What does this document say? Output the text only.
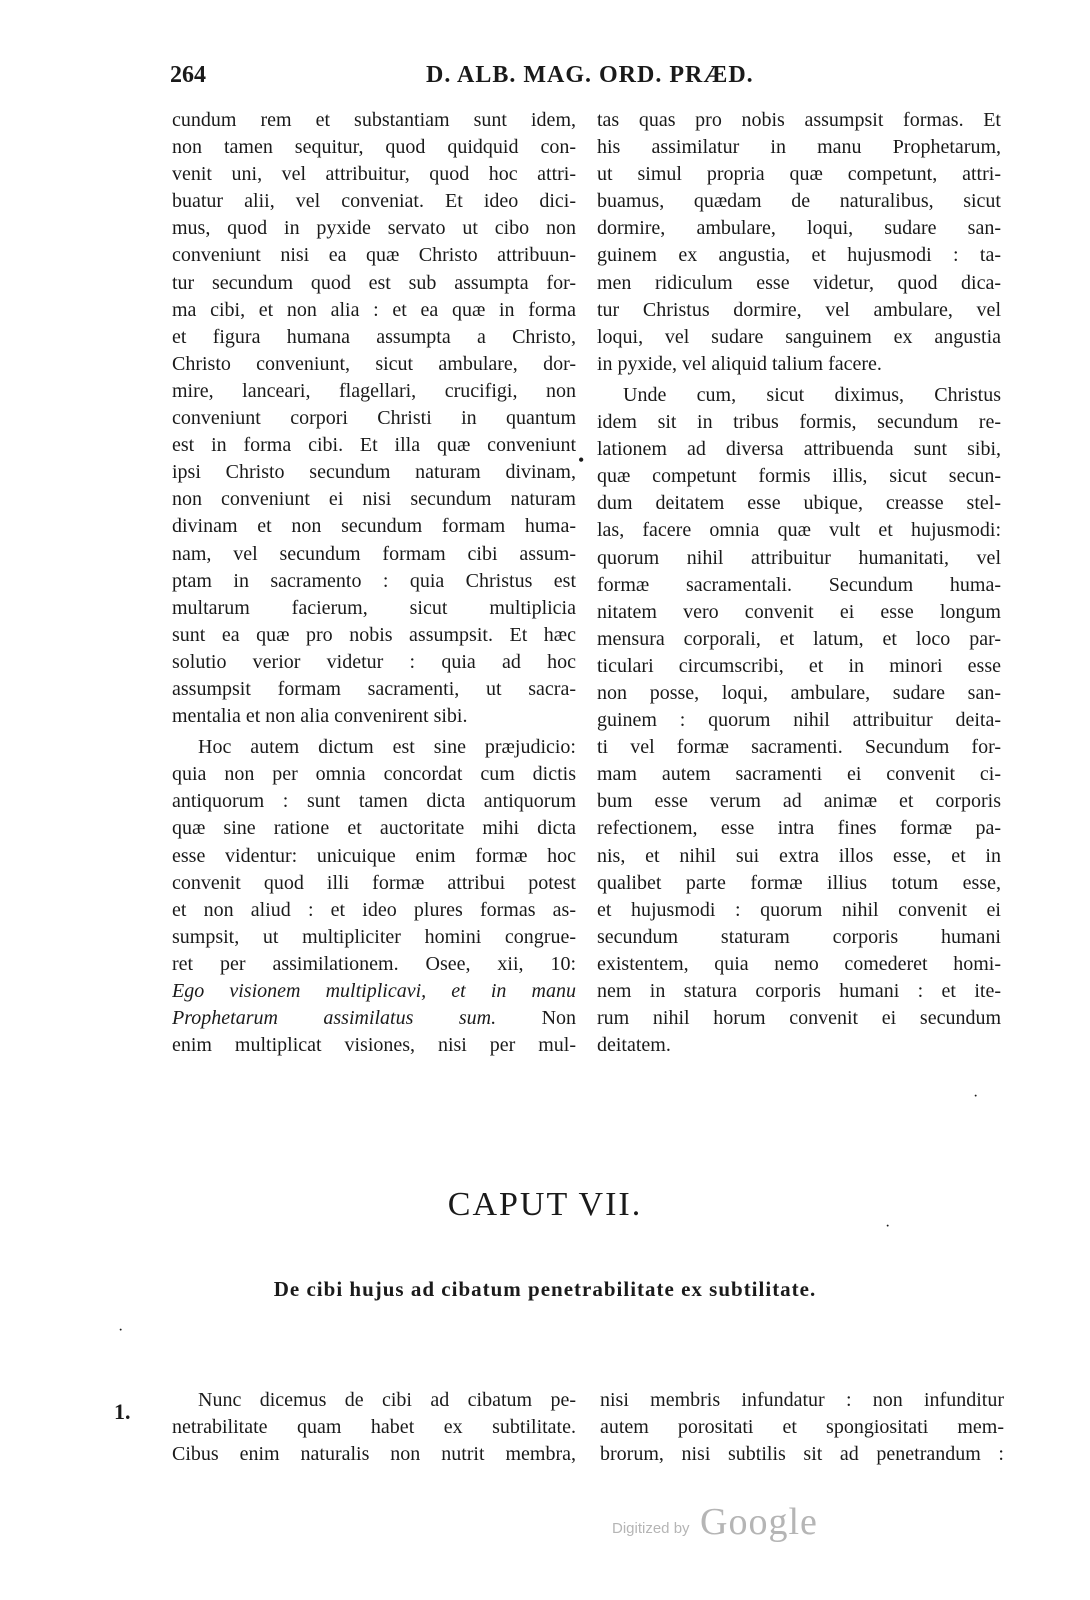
264	D. ALB. MAG. ORD. PRÆD.
cundum rem et substantiam sunt idem,
non tamen sequitur, quod quidquid con-
venit uni, vel attribuitur, quod hoc attri-
buatur alii, vel conveniat. Et ideo dici-
mus, quod in pyxide servato ut cibo non
conveniunt nisi ea quæ Christo attribuun-
tur secundum quod est sub assumpta for-
ma cibi, et non alia : et ea quæ in forma
et figura humana assumpta a Christo,
Christo conveniunt, sicut ambulare, dor-
mire, lanceari, flagellari, crucifigi, non
conveniunt corpori Christi in quantum
est in forma cibi. Et illa quæ conveniunt
ipsi Christo secundum naturam divinam,
non conveniunt ei nisi secundum naturam
divinam et non secundum formam huma-
nam, vel secundum formam cibi assum-
ptam in sacramento : quia Christus est
multarum facierum, sicut multiplicia
sunt ea quæ pro nobis assumpsit. Et hæc
solutio verior videtur : quia ad hoc
assumpsit formam sacramenti, ut sacra-
mentalia et non alia convenirent sibi.
Hoc autem dictum est sine præjudicio:
quia non per omnia concordat cum dictis
antiquorum : sunt tamen dicta antiquorum
quæ sine ratione et auctoritate mihi dicta
esse videntur: unicuique enim formæ hoc
convenit quod illi formæ attribui potest
et non aliud : et ideo plures formas as-
sumpsit, ut multipliciter homini congrue-
ret per assimilationem. Osee, xii, 10:
Ego visionem multiplicavi, et in manu
Prophetarum assimilatus sum. Non
enim multiplicat visiones, nisi per mul-
•
tas quas pro nobis assumpsit formas. Et
his assimilatur in manu Prophetarum,
ut simul propria quæ competunt, attri-
buamus, quædam de naturalibus, sicut
dormire, ambulare, loqui, sudare san-
guinem ex angustia, et hujusmodi : ta-
men ridiculum esse videtur, quod dica-
tur Christus dormire, vel ambulare, vel
loqui, vel sudare sanguinem ex angustia
in pyxide, vel aliquid talium facere.
Unde cum, sicut diximus, Christus
idem sit in tribus formis, secundum re-
lationem ad diversa attribuenda sunt sibi,
quæ competunt formis illis, sicut secun-
dum deitatem esse ubique, creasse stel-
las, facere omnia quæ vult et hujusmodi:
quorum nihil attribuitur humanitati, vel
formæ sacramentali. Secundum huma-
nitatem vero convenit ei esse longum
mensura corporali, et latum, et loco par-
ticulari circumscribi, et in minori esse
non posse, loqui, ambulare, sudare san-
guinem : quorum nihil attribuitur deita-
ti vel formæ sacramenti. Secundum for-
mam autem sacramenti ei convenit ci-
bum esse verum ad animæ et corporis
refectionem, esse intra fines formæ pa-
nis, et nihil sui extra illos esse, et in
qualibet parte formæ illius totum esse,
et hujusmodi : quorum nihil convenit ei
secundum staturam corporis humani
existentem, quia nemo comederet homi-
nem in statura corporis humani : et ite-
rum nihil horum convenit ei secundum
deitatem.
·
·
·
CAPUT VII.
De cibi hujus ad cibatum penetrabilitate ex subtilitate.
1.	Nunc dicemus de cibi ad cibatum pe-
netrabilitate quam habet ex subtilitate.
Cibus enim naturalis non nutrit membra,
nisi membris infundatur : non infunditur
autem porositati et spongiositati mem-
brorum, nisi subtilis sit ad penetrandum :
Digitized by Google
